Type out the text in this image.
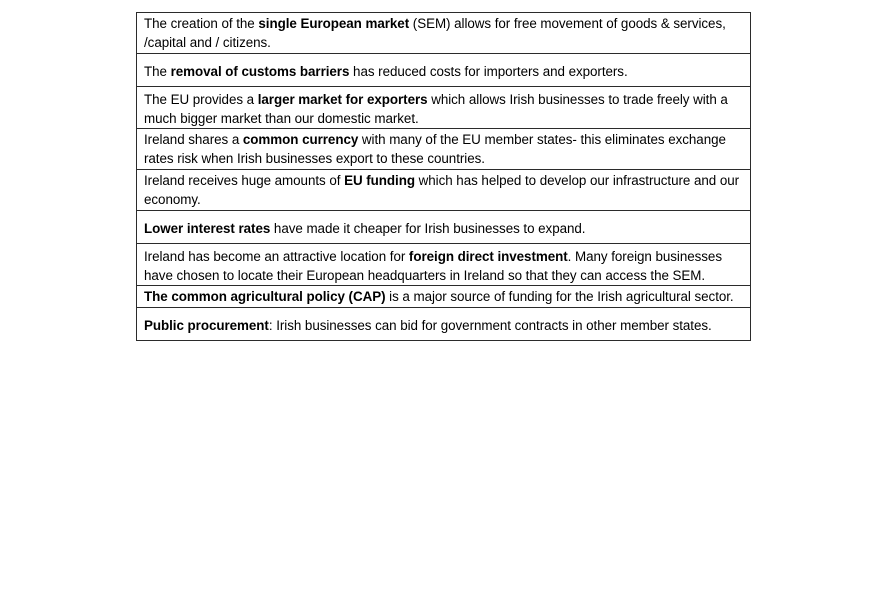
The creation of the single European market (SEM) allows for free movement of goods & services, /capital and / citizens.
The removal of customs barriers has reduced costs for importers and exporters.
The EU provides a larger market for exporters which allows Irish businesses to trade freely with a much bigger market than our domestic market.
Ireland shares a common currency with many of the EU member states- this eliminates exchange rates risk when Irish businesses export to these countries.
Ireland receives huge amounts of EU funding which has helped to develop our infrastructure and our economy.
Lower interest rates have made it cheaper for Irish businesses to expand.
Ireland has become an attractive location for foreign direct investment. Many foreign businesses have chosen to locate their European headquarters in Ireland so that they can access the SEM.
The common agricultural policy (CAP) is a major source of funding for the Irish agricultural sector.
Public procurement: Irish businesses can bid for government contracts in other member states.
